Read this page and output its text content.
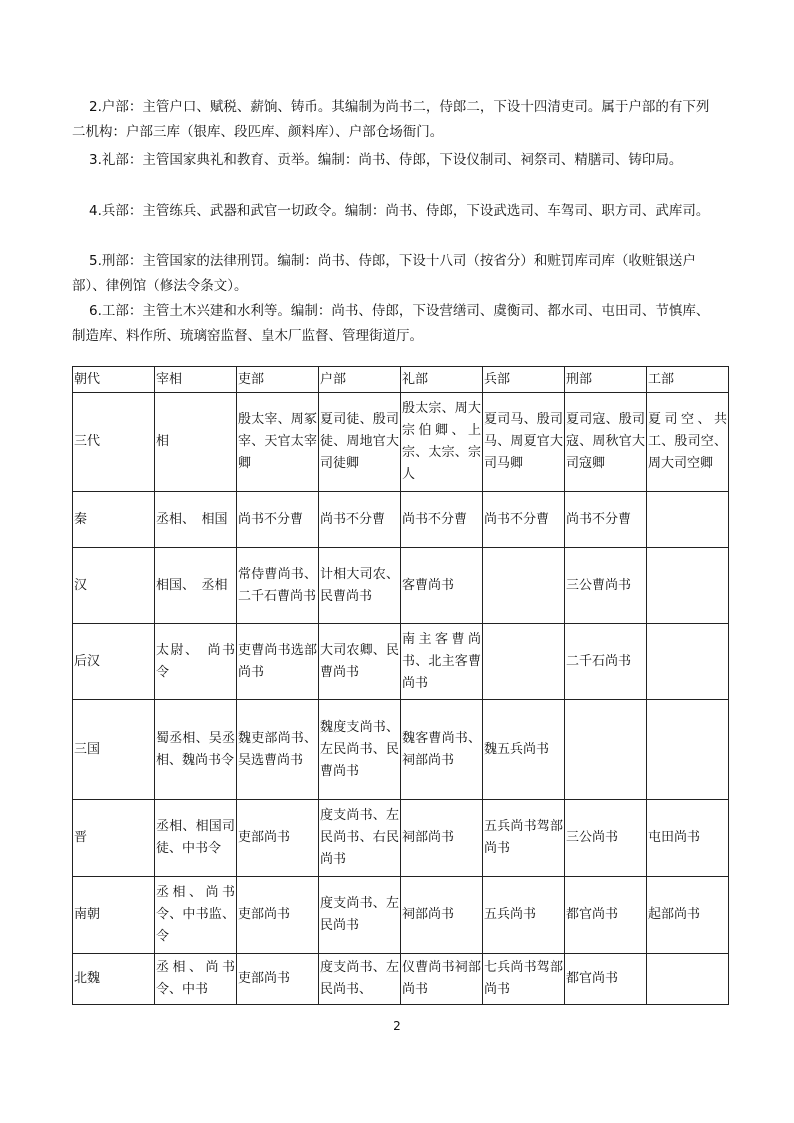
2.户部：主管户口、赋税、薪饷、铸币。其编制为尚书二，侍郎二，下设十四清吏司。属于户部的有下列二机构：户部三库（银库、段匹库、颜料库）、户部仓场衙门。
3.礼部：主管国家典礼和教育、贡举。编制：尚书、侍郎，下设仪制司、祠祭司、精膳司、铸印局。
4.兵部：主管练兵、武器和武官一切政令。编制：尚书、侍郎，下设武选司、车驾司、职方司、武库司。
5.刑部：主管国家的法律刑罚。编制：尚书、侍郎，下设十八司（按省分）和赃罚库司库（收赃银送户部）、律例馆（修法令条文）。
6.工部：主管土木兴建和水利等。编制：尚书、侍郎，下设营缮司、虞衡司、都水司、屯田司、节慎库、制造库、料作所、琉璃窑监督、皇木厂监督、管理街道厅。
朝代	宰相	吏部	户部	礼部	兵部	刑部	工部
三代	相	殷太宰、周冢宰、天官太宰卿	夏司徒、殷司徒、周地官大司徒卿	殷太宗、周大宗伯卿、上宗、太宗、宗人	夏司马、殷司马、周夏官大司马卿	夏司寇、殷司寇、周秋官大司寇卿	夏司空、共工、殷司空、周大司空卿
秦	丞相、　相国	尚书不分曹	尚书不分曹	尚书不分曹	尚书不分曹	尚书不分曹	
汉	相国、　丞相	常侍曹尚书、二千石曹尚书	计相大司农、民曹尚书	客曹尚书		三公曹尚书	
后汉	太尉、　尚书令	吏曹尚书选部尚书	大司农卿、民曹尚书	南主客曹尚书、北主客曹尚书		二千石尚书	
三国	蜀丞相、吴丞相、魏尚书令	魏吏部尚书、吴选曹尚书	魏度支尚书、左民尚书、民曹尚书	魏客曹尚书、祠部尚书	魏五兵尚书		
晋	丞相、相国司徒、中书令	吏部尚书	度支尚书、左民尚书、右民尚书	祠部尚书	五兵尚书驾部尚书	三公尚书	屯田尚书
南朝	丞相、尚书令、中书监、令	吏部尚书	度支尚书、左民尚书	祠部尚书	五兵尚书	都官尚书	起部尚书
北魏	丞相、尚书令、中书	吏部尚书	度支尚书、左民尚书、	仪曹尚书祠部尚书	七兵尚书驾部尚书	都官尚书	
2
